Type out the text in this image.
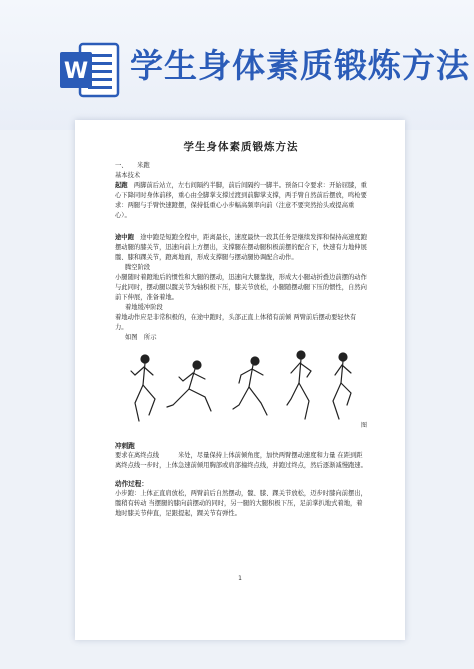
W 学生身体素质锻炼方法
学生身体素质锻炼方法

一、　　 米跑

基本技术

起跑　 两脚前后站立，左右间隔约半脚，前后间隔约一脚半。预备口令要求：开始屈膝，重心下降同时身体前移，重心由全脚掌支撑过渡到前脚掌支撑，两手臂自然前后摆放，鸣枪要求：两腿与手臂快速蹬摆，保持低重心小步幅高频率向前（注意不要突然抬头或提高重心）。

途中跑　 途中跑是短跑全程中，距离最长，速度最快一段其任务是继续发挥和保持高速度跑 摆动腿的膝关节，迅速向前上方摆出，支撑腿在摆动腿积极前摆的配合下，快速有力地伸展髋、膝和踝关节，蹬离地面，形成支撑腿与摆动腿协调配合动作。

腾空阶段

小腿随时着蹬地后的惯性和大腿的摆动，迅速向大腿靠拢，形成大小腿动折叠边前摆的动作 与此同时，摆动腿以髋关节为轴积极下压，膝关节放松，小腿随摆动腿下压的惯性，自然向前下伸展，准备着地。

着地缓冲阶段

着地动作应是非常积极的，在途中跑时，头部正直上体稍有前倾 两臂前后摆动要轻快有力。

如图　所示

图

冲刺跑

要求在离终点线　　　米处，尽量保持上体前倾角度，加快两臂摆动速度和力量 在距到距离终点线一步时，上体急速前倾用胸部或肩部撞终点线，并跑过终点，然后逐渐减慢跑速。

动作过程：

小步跑：上体正直肩放松，两臂前后自然摆动，髋、膝、踝关节放松，迈步时膝向前摆出，髋稍有转动 当摆腿的膝向前摆动的同时，另一腿的大腿积极下压，足前掌扒地式着地，着地时膝关节伸直，足跟提起，踝关节有弹性。

1
